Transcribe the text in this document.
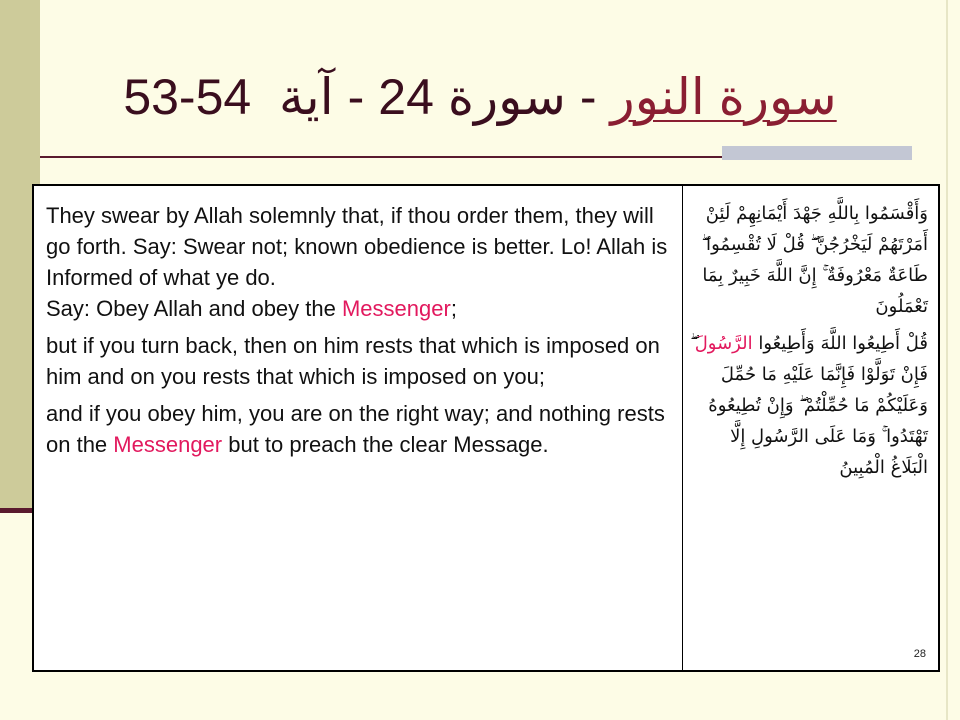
سورة النور
-
سورة

24
-
آية

53-54

They swear by Allah solemnly that, if thou order them, they will go forth. Say: Swear not; known obedience is better. Lo! Allah is Informed of what ye do.

Say: Obey Allah and obey the Messenger;

but if you turn back, then on him rests that which is imposed on him and on you rests that which is imposed on you;

and if you obey him, you are on the right way; and nothing rests on the Messenger but to preach the clear Message.

وَأَقْسَمُوا بِاللَّهِ جَهْدَ أَيْمَانِهِمْ لَئِنْ أَمَرْتَهُمْ لَيَخْرُجُنَّ ۖ قُلْ لَا تُقْسِمُوا ۖ طَاعَةٌ مَعْرُوفَةٌ ۚ إِنَّ اللَّهَ خَبِيرٌ بِمَا تَعْمَلُونَ

قُلْ أَطِيعُوا اللَّهَ وَأَطِيعُوا الرَّسُولَ ۖ فَإِنْ تَوَلَّوْا فَإِنَّمَا عَلَيْهِ مَا حُمِّلَ وَعَلَيْكُمْ مَا حُمِّلْتُمْ ۖ وَإِنْ تُطِيعُوهُ تَهْتَدُوا ۚ وَمَا عَلَى الرَّسُولِ إِلَّا الْبَلَاغُ الْمُبِينُ

28
